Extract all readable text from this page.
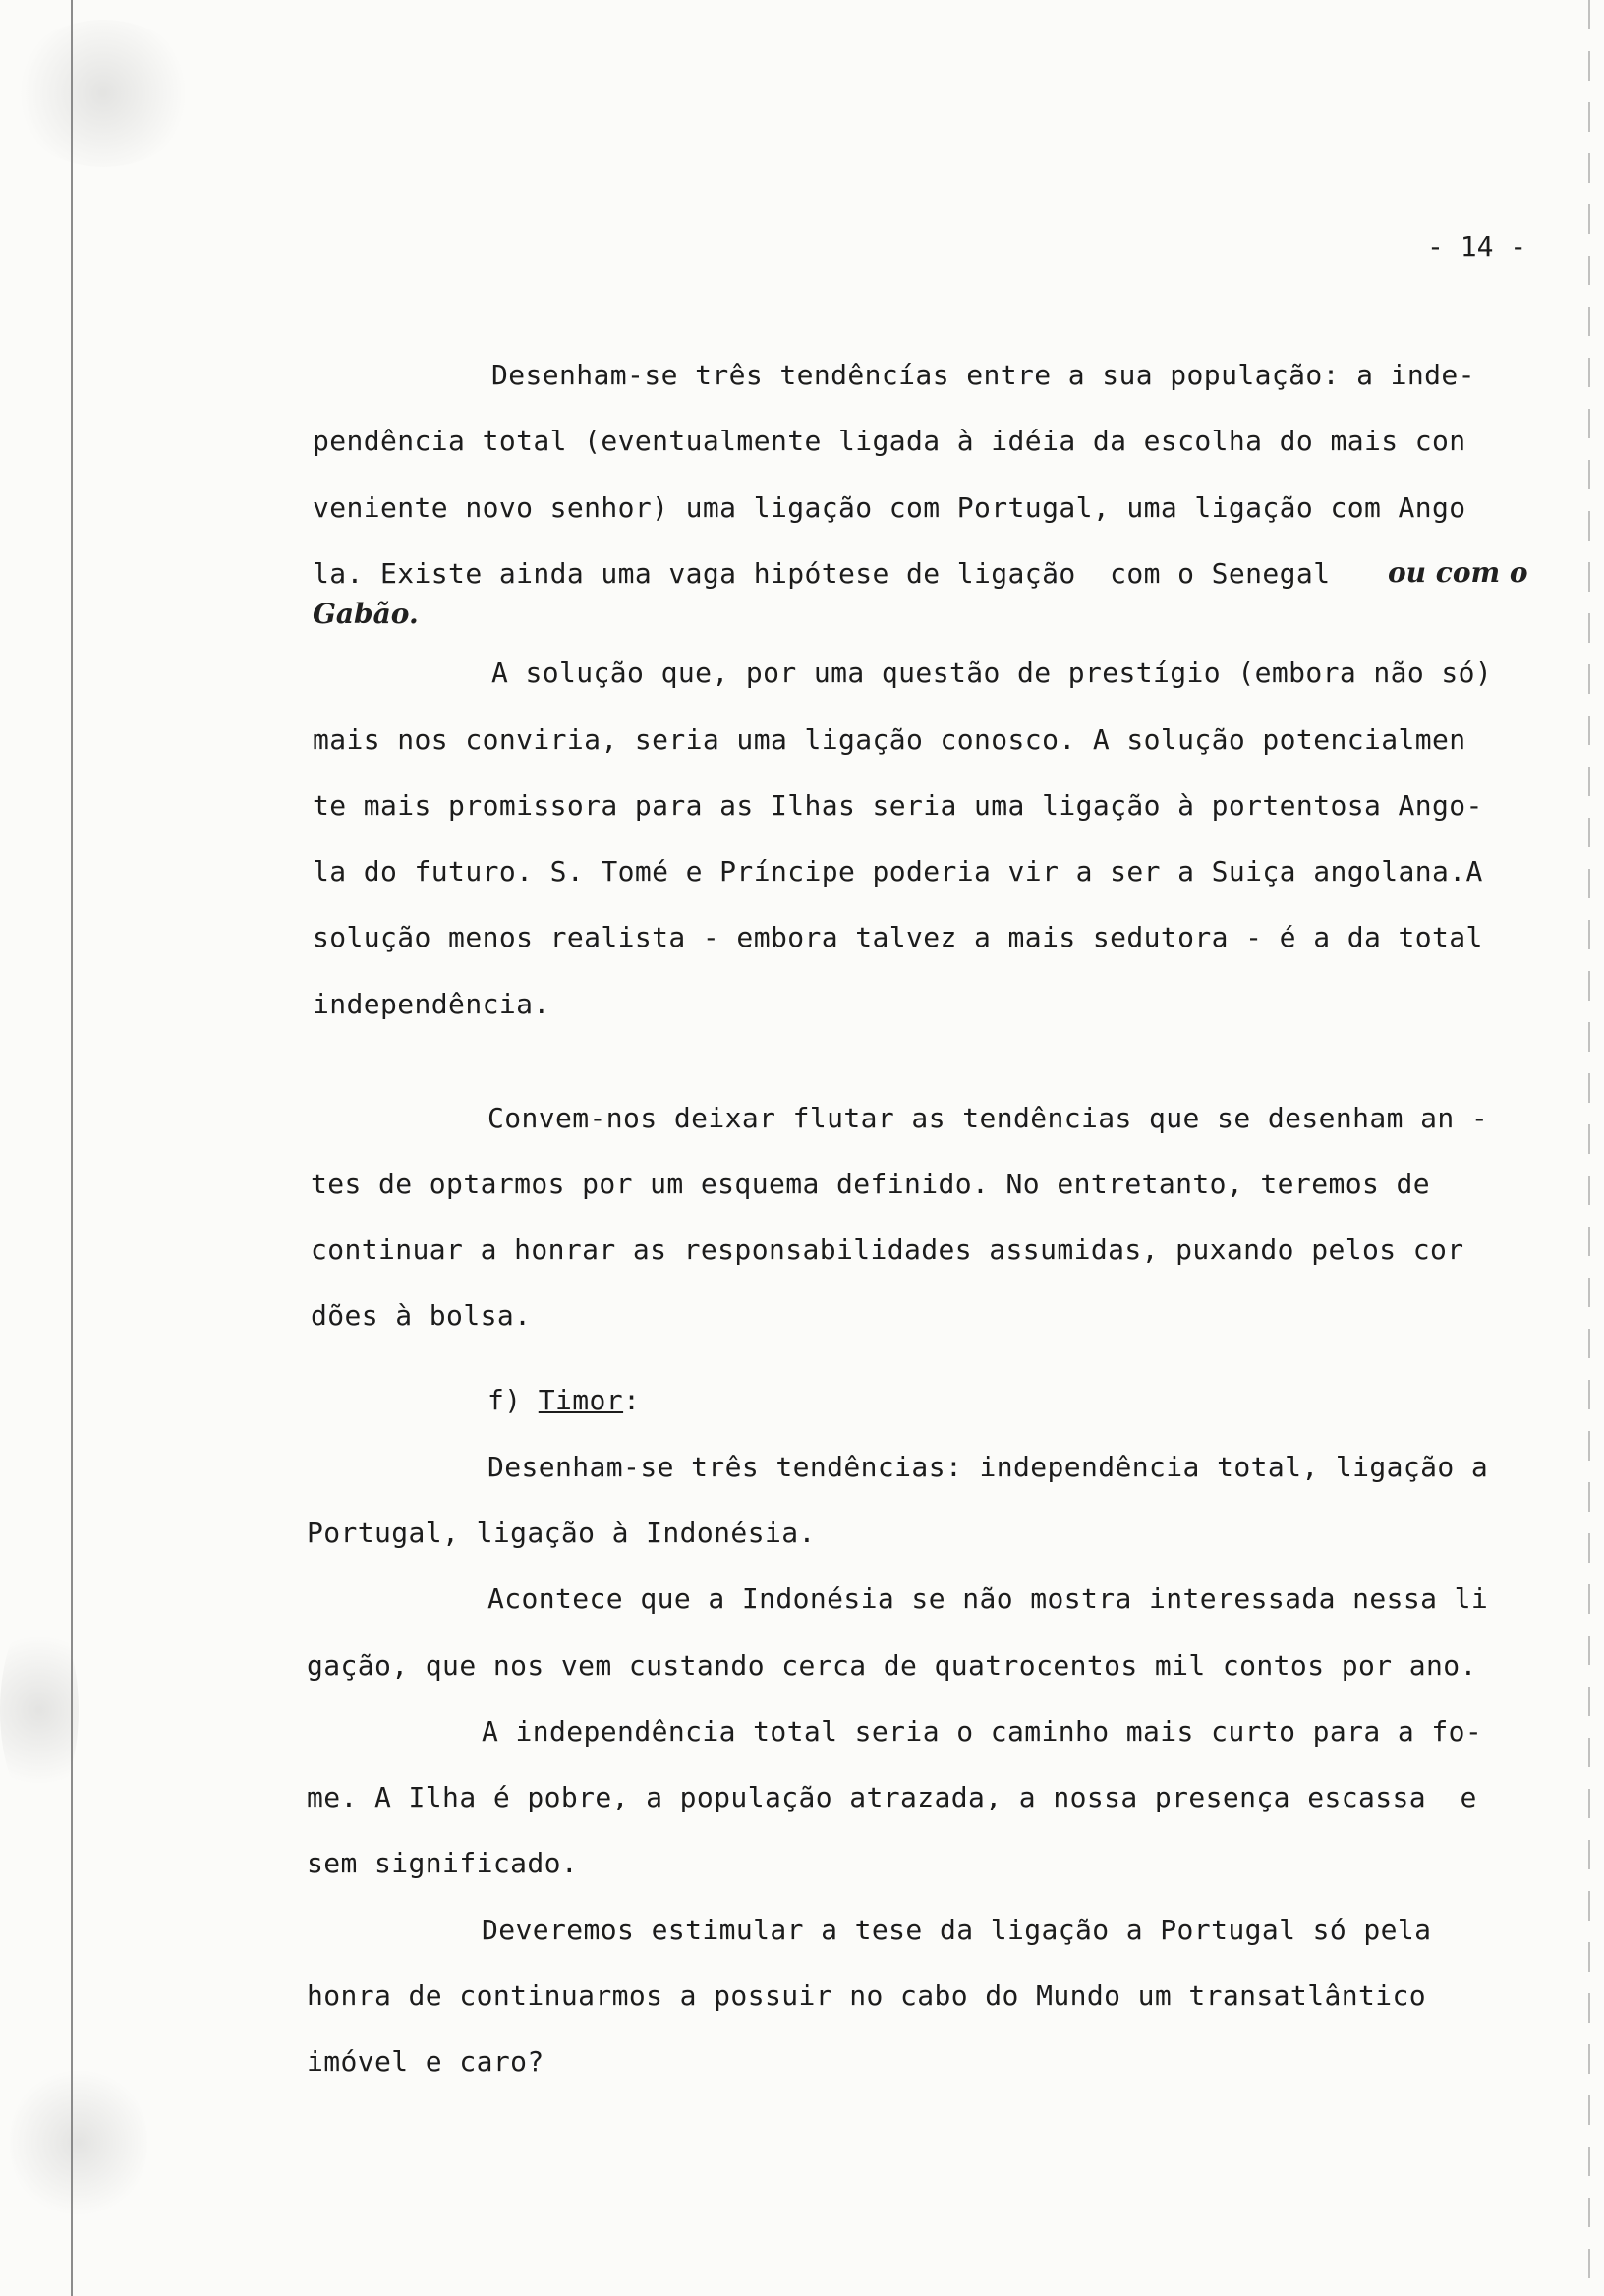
- 14 -
Desenham-se três tendêncías entre a sua população: a inde-
pendência total (eventualmente ligada à idéia da escolha do mais con
veniente novo senhor) uma ligação com Portugal, uma ligação com Ango
la. Existe ainda uma vaga hipótese de ligação  com o Senegal ou com o
Gabão.
A solução que, por uma questão de prestígio (embora não só)
mais nos conviria, seria uma ligação conosco. A solução potencialmen
te mais promissora para as Ilhas seria uma ligação à portentosa Ango-
la do futuro. S. Tomé e Príncipe poderia vir a ser a Suiça angolana.A
solução menos realista - embora talvez a mais sedutora - é a da total
independência.
Convem-nos deixar flutar as tendências que se desenham an -
tes de optarmos por um esquema definido. No entretanto, teremos de
continuar a honrar as responsabilidades assumidas, puxando pelos cor
dões à bolsa.
f) Timor:
Desenham-se três tendências: independência total, ligação a
Portugal, ligação à Indonésia.
Acontece que a Indonésia se não mostra interessada nessa li
gação, que nos vem custando cerca de quatrocentos mil contos por ano.
A independência total seria o caminho mais curto para a fo-
me. A Ilha é pobre, a população atrazada, a nossa presença escassa  e
sem significado.
Deveremos estimular a tese da ligação a Portugal só pela
honra de continuarmos a possuir no cabo do Mundo um transatlântico
imóvel e caro?
